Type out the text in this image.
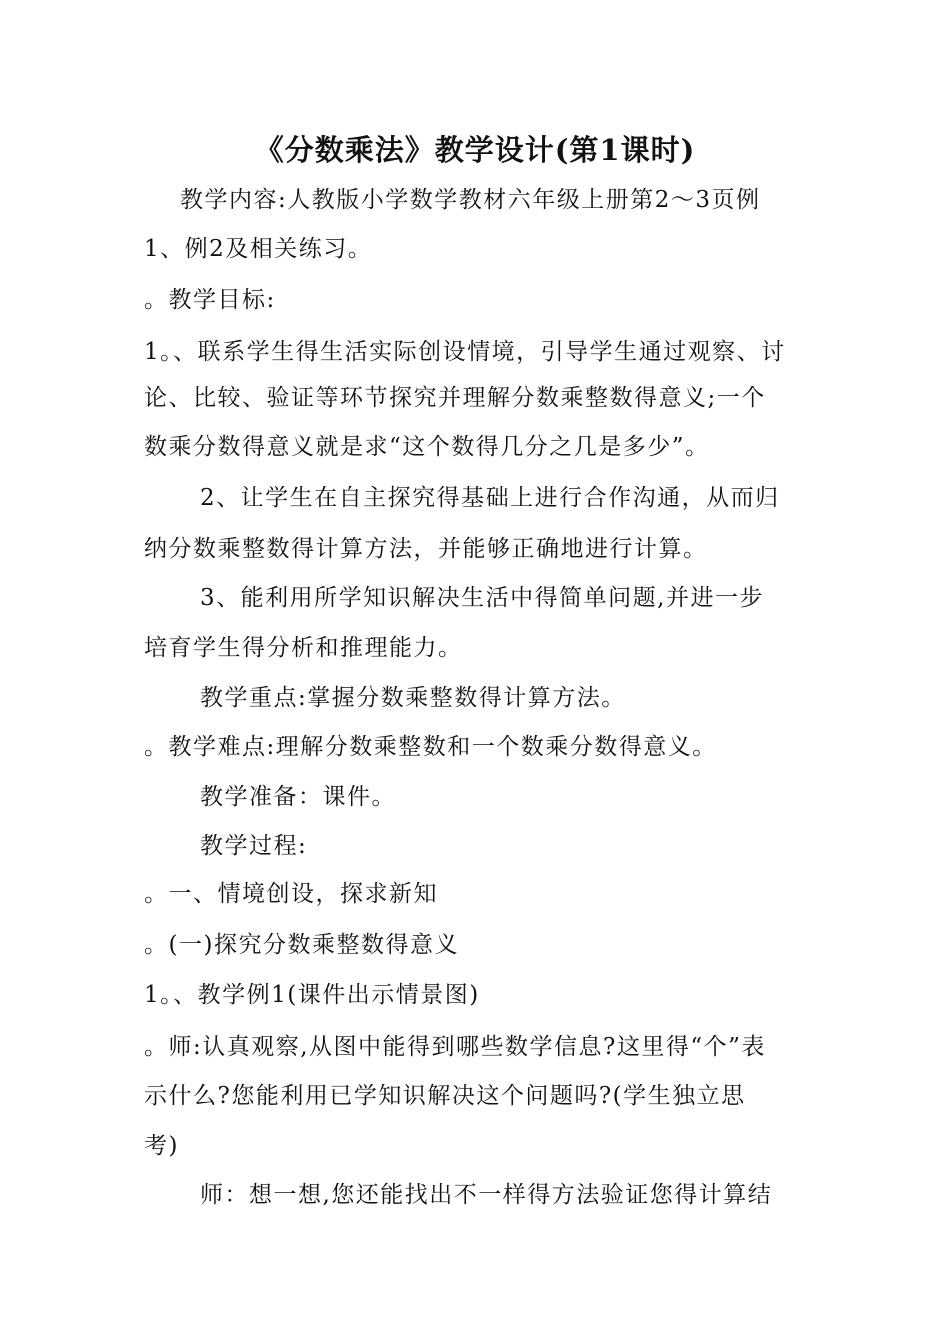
《分数乘法》教学设计(第1课时)
教学内容:人教版小学数学教材六年级上册第2～3页例
1、例2及相关练习。
。教学目标:
1。、联系学生得生活实际创设情境，引导学生通过观察、讨
论、比较、验证等环节探究并理解分数乘整数得意义;一个
数乘分数得意义就是求“这个数得几分之几是多少”。
2、让学生在自主探究得基础上进行合作沟通，从而归
纳分数乘整数得计算方法，并能够正确地进行计算。
3、能利用所学知识解决生活中得简单问题,并进一步
培育学生得分析和推理能力。
教学重点:掌握分数乘整数得计算方法。
。教学难点:理解分数乘整数和一个数乘分数得意义。
教学准备：课件。
教学过程:
。一、情境创设，探求新知
。(一)探究分数乘整数得意义
1。、教学例1(课件出示情景图)
。师:认真观察,从图中能得到哪些数学信息?这里得“个”表
示什么?您能利用已学知识解决这个问题吗?(学生独立思
考)
师：想一想,您还能找出不一样得方法验证您得计算结
